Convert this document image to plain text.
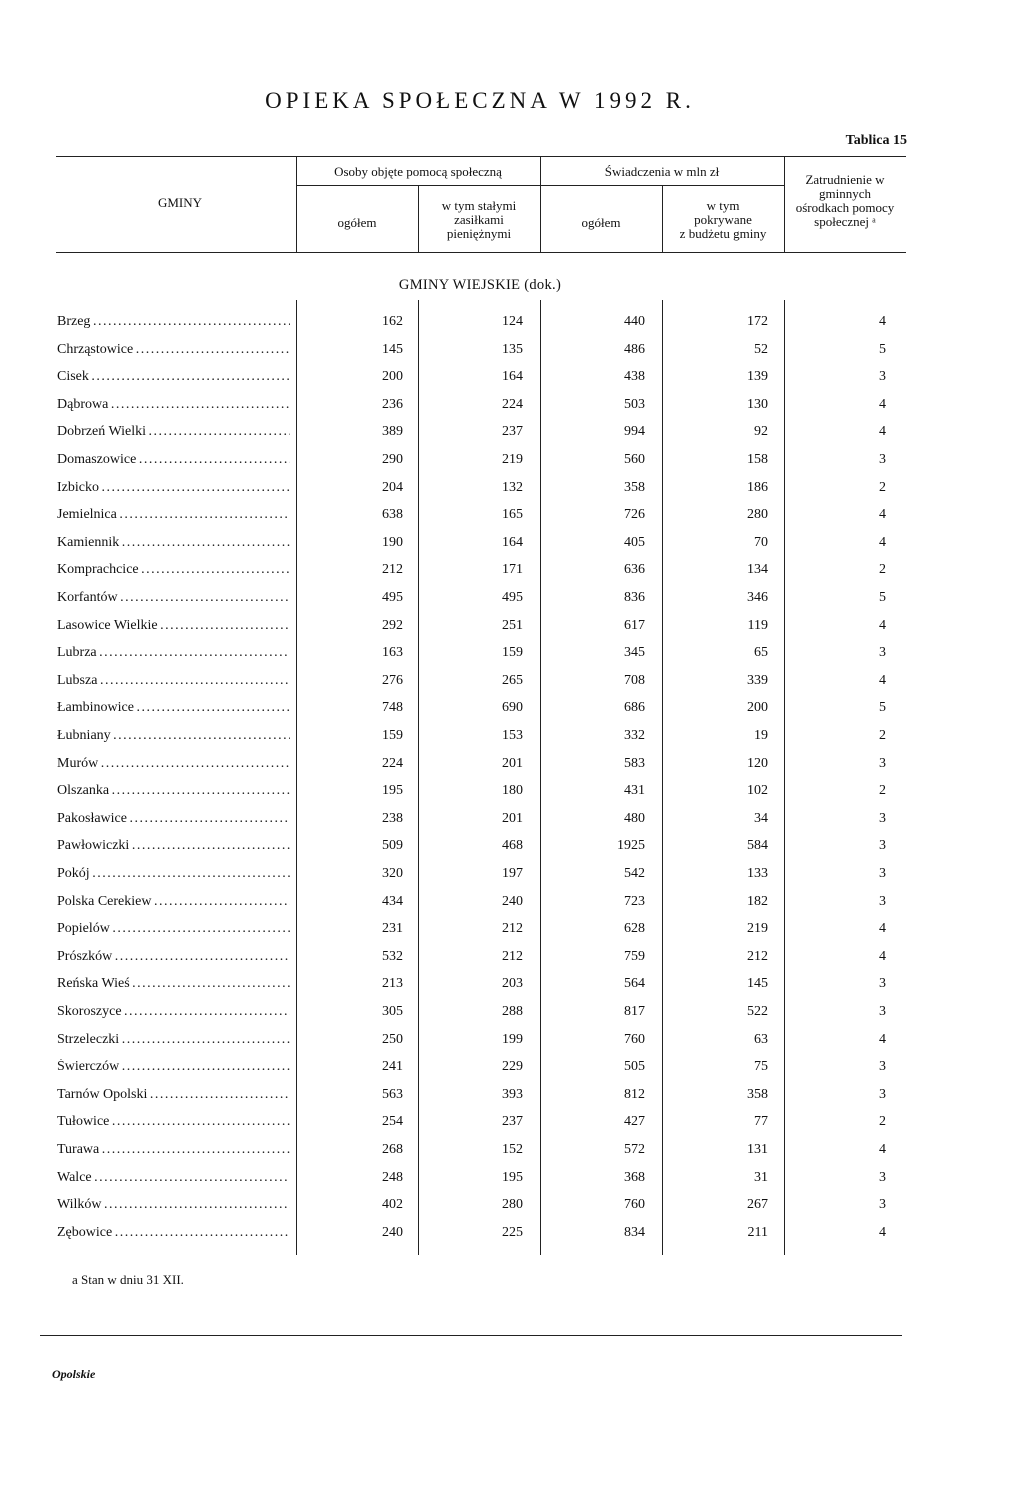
OPIEKA SPOŁECZNA W 1992 R.
Tablica 15
GMINY
Osoby objęte pomocą społeczną
ogółem
w tym stałymi
zasiłkami
pieniężnymi
Świadczenia w mln zł
ogółem
w tym
pokrywane
z budżetu gminy
Zatrudnienie w
gminnych
ośrodkach pomocy
społecznej ᵃ
GMINY WIEJSKIE (dok.)
Brzeg . . .	162	124	440	172	4
Chrząstowice . . .	145	135	486	52	5
Cisek . . .	200	164	438	139	3
Dąbrowa . . .	236	224	503	130	4
Dobrzeń Wielki . . .	389	237	994	92	4
Domaszowice . . .	290	219	560	158	3
Izbicko . . .	204	132	358	186	2
Jemielnica . . .	638	165	726	280	4
Kamiennik . . .	190	164	405	70	4
Komprachcice . . .	212	171	636	134	2
Korfantów . . .	495	495	836	346	5
Lasowice Wielkie . . .	292	251	617	119	4
Lubrza . . .	163	159	345	65	3
Lubsza . . .	276	265	708	339	4
Łambinowice . . .	748	690	686	200	5
Łubniany . . .	159	153	332	19	2
Murów . . .	224	201	583	120	3
Olszanka . . .	195	180	431	102	2
Pakosławice . . .	238	201	480	34	3
Pawłowiczki . . .	509	468	1925	584	3
Pokój . . .	320	197	542	133	3
Polska Cerekiew . . .	434	240	723	182	3
Popielów . . .	231	212	628	219	4
Prószków . . .	532	212	759	212	4
Reńska Wieś . . .	213	203	564	145	3
Skoroszyce . . .	305	288	817	522	3
Strzeleczki . . .	250	199	760	63	4
Świerczów . . .	241	229	505	75	3
Tarnów Opolski . . .	563	393	812	358	3
Tułowice . . .	254	237	427	77	2
Turawa . . .	268	152	572	131	4
Walce . . .	248	195	368	31	3
Wilków . . .	402	280	760	267	3
Zębowice . . .	240	225	834	211	4
a Stan w dniu 31 XII.
Opolskie
